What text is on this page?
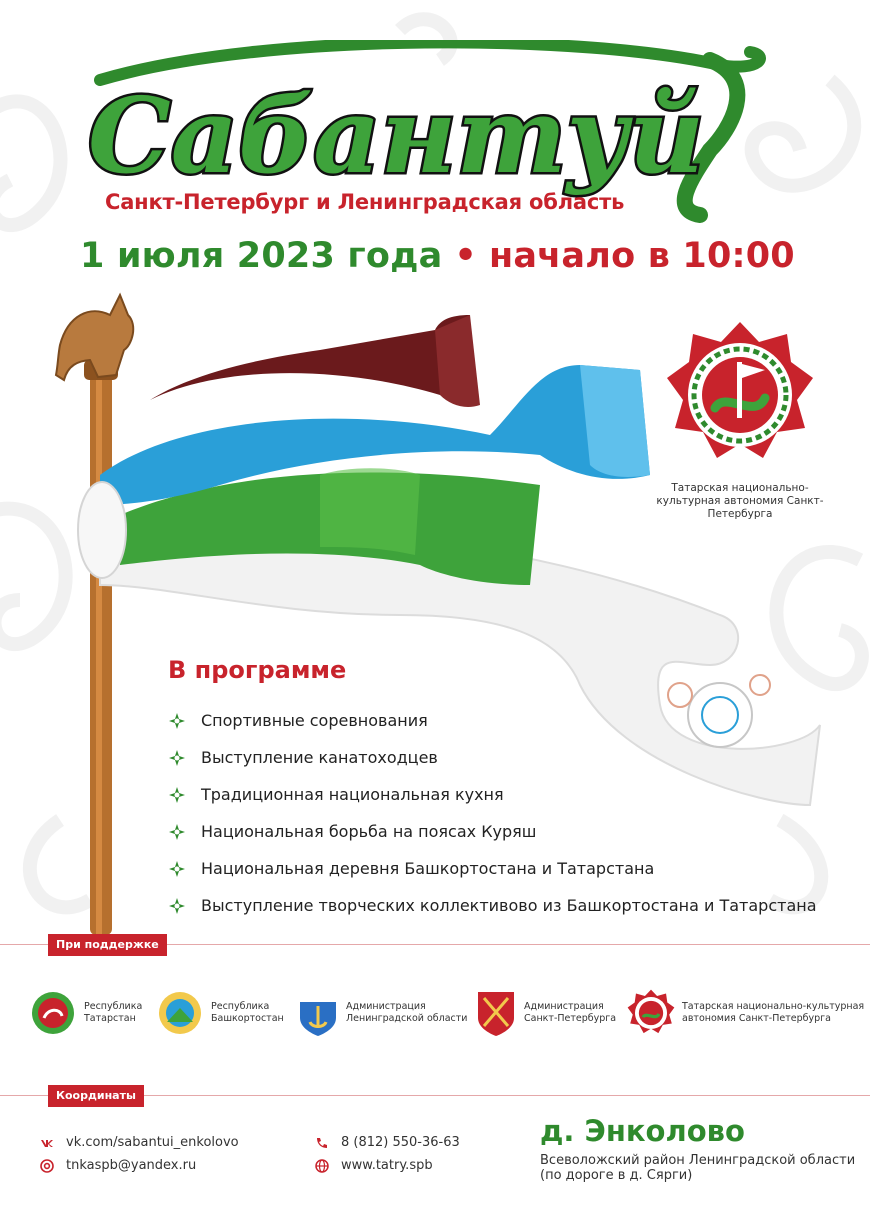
Сабантуй
Санкт-Петербург и Ленинградская область
1 июля 2023 года • начало в 10:00
Татарская национально-культурная автономия Санкт-Петербурга
В программе
Спортивные соревнования
Выступление канатоходцев
Традиционная национальная кухня
Национальная борьба на поясах Куряш
Национальная деревня Башкортостана и Татарстана
Выступление творческих коллективово из Башкортостана и Татарстана
При поддержке
Республика
Татарстан
Республика
Башкортостан
Администрация
Ленинградской области
Администрация
Санкт-Петербурга
Татарская национально-культурная
автономия Санкт-Петербурга
Координаты
vk.com/sabantui_enkolovo
tnkaspb@yandex.ru
8 (812) 550-36-63
www.tatry.spb
д. Энколово
Всеволожский район Ленинградской области (по дороге в д. Сярги)
